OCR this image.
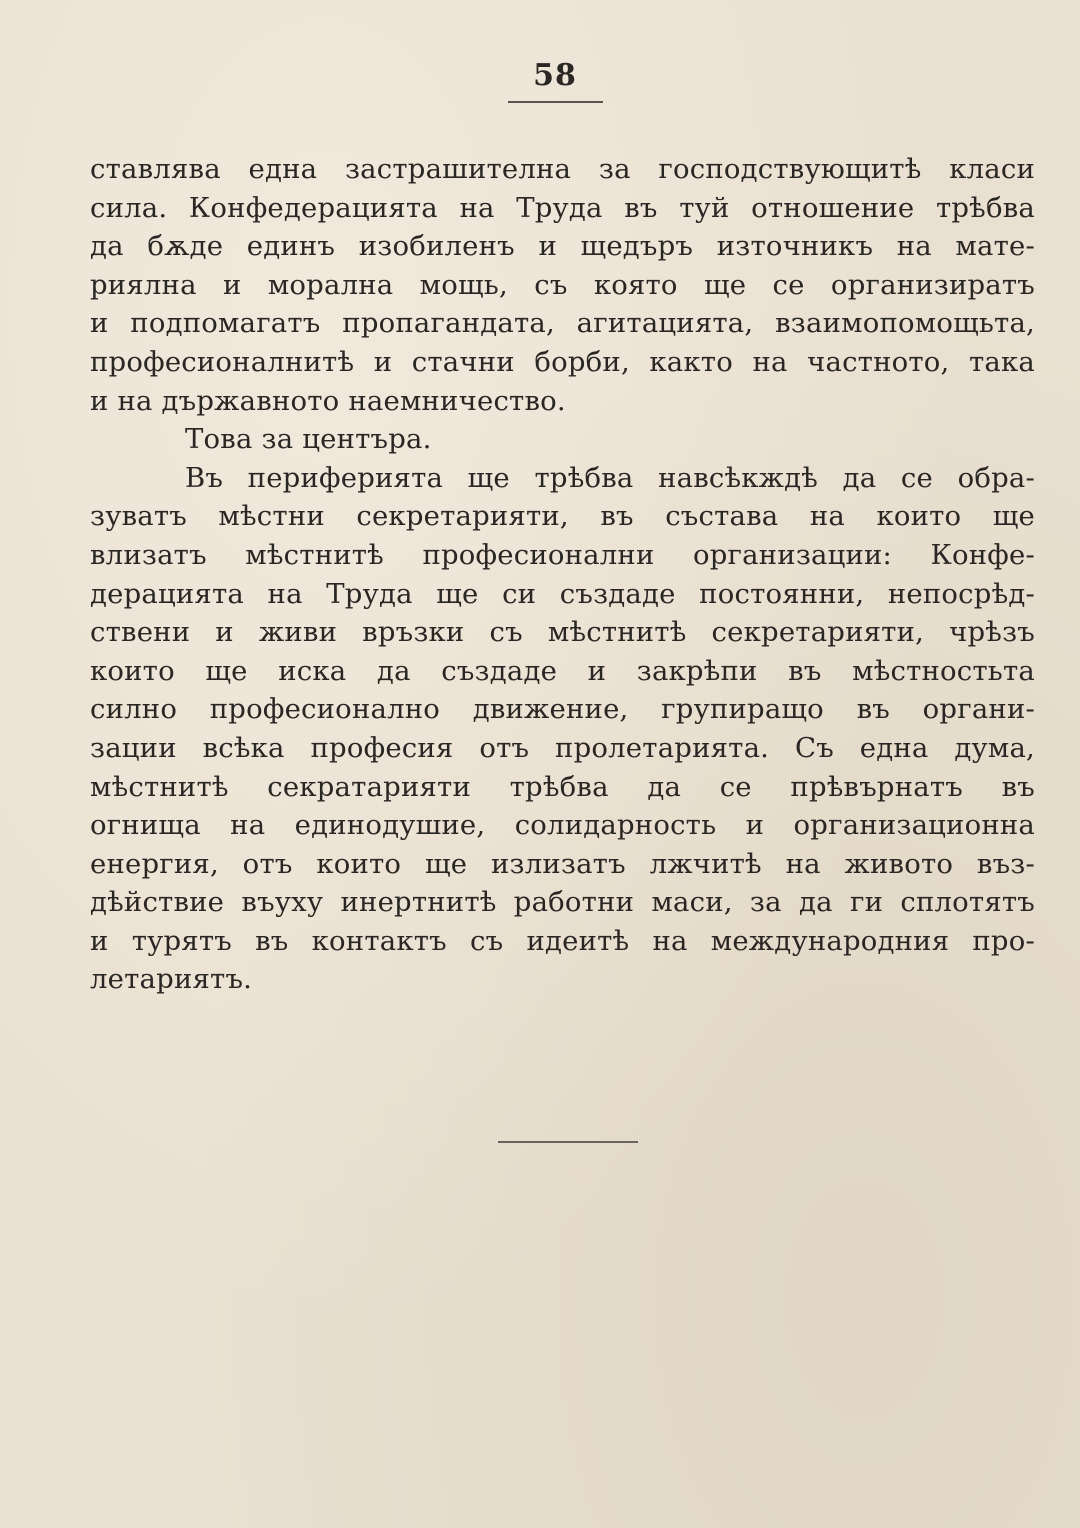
58
ставлява една застрашителна за господствующитѣ класи
сила. Конфедерацията на Труда въ туй отношение трѣбва
да бѫде единъ изобиленъ и щедъръ източникъ на мате-
риялна и морална мощь, съ която ще се организиратъ
и подпомагатъ пропагандата, агитацията, взаимопомощьта,
професионалнитѣ и стачни борби, както на частното, така
и на държавното наемничество.
Това за центъра.
Въ периферията ще трѣбва навсѣкждѣ да се обра-
зуватъ мѣстни секретарияти, въ състава на които ще
влизатъ мѣстнитѣ професионални организации: Конфе-
дерацията на Труда ще си създаде постоянни, непосрѣд-
ствени и живи връзки съ мѣстнитѣ секретарияти, чрѣзъ
които ще иска да създаде и закрѣпи въ мѣстностьта
силно професионално движение, групиращо въ органи-
зации всѣка професия отъ пролетарията. Съ една дума,
мѣстнитѣ секратарияти трѣбва да се прѣвърнатъ въ
огнища на единодушие, солидарность и организационна
енергия, отъ които ще излизатъ лжчитѣ на живото въз-
дѣйствие въуху инертнитѣ работни маси, за да ги сплотятъ
и турятъ въ контактъ съ идеитѣ на международния про-
летариятъ.
